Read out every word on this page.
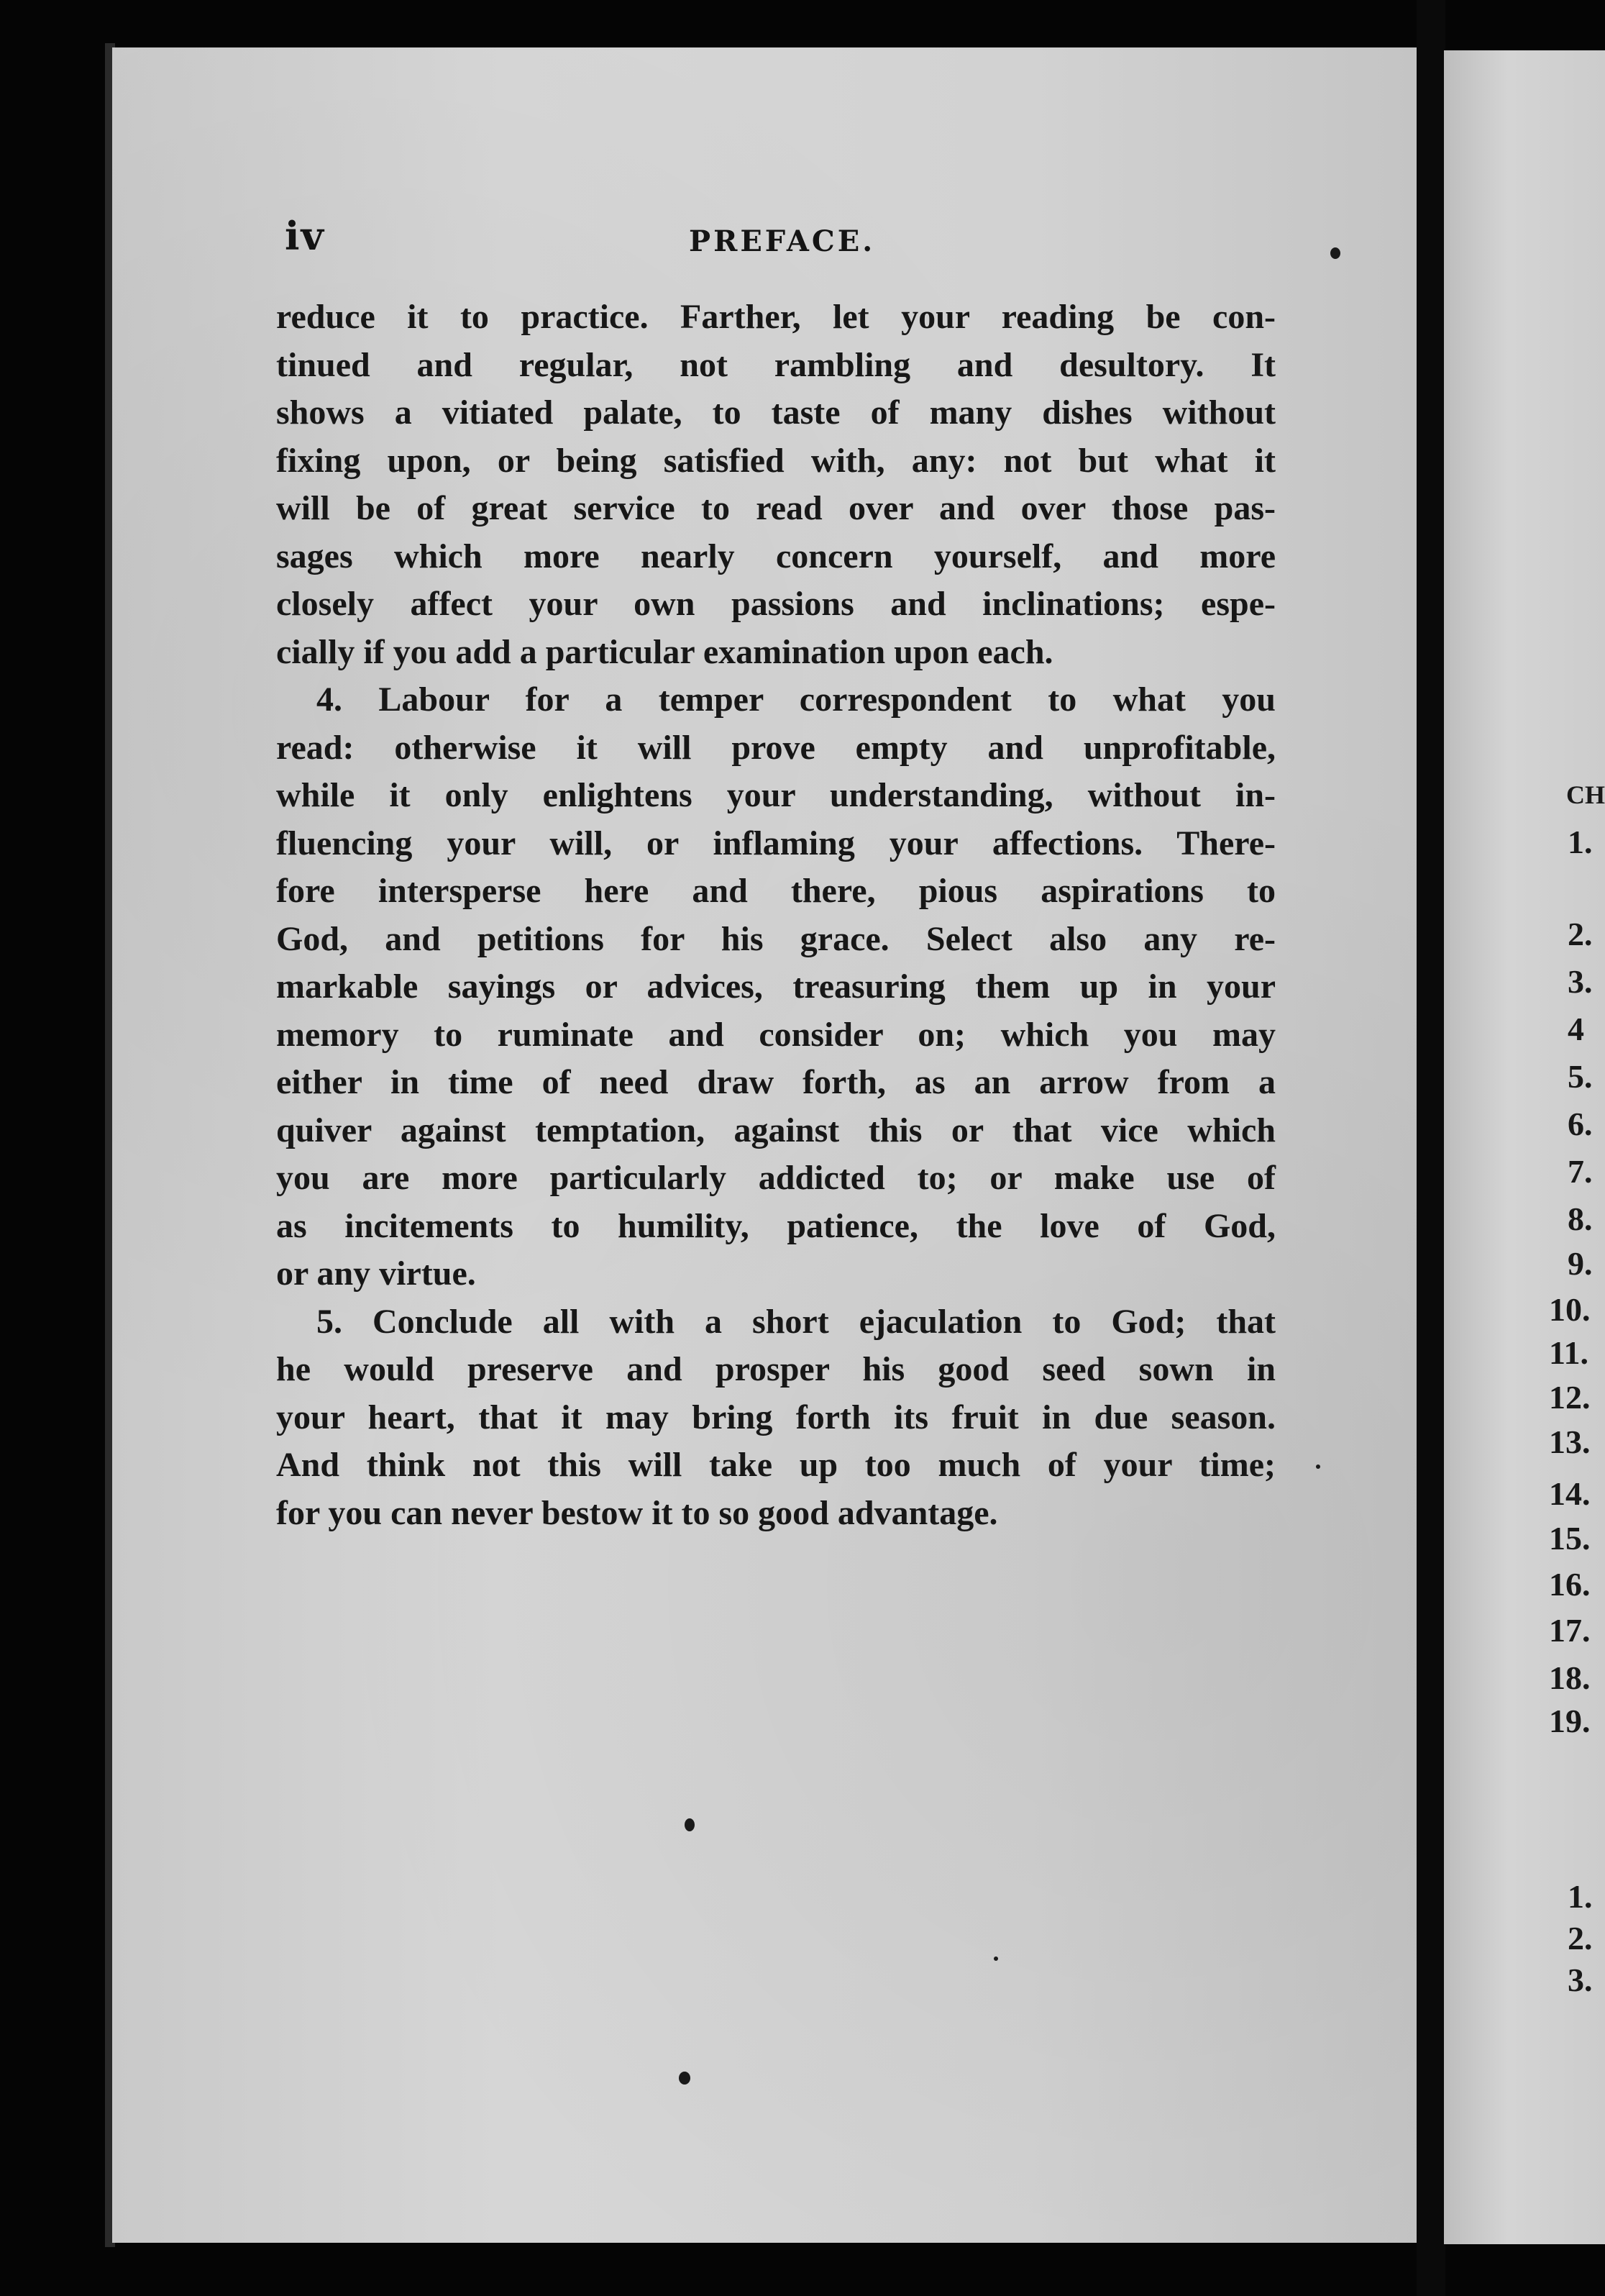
iv	PREFACE.
reduce it to practice. Farther, let your reading be con-
tinued and regular, not rambling and desultory. It
shows a vitiated palate, to taste of many dishes without
fixing upon, or being satisfied with, any: not but what it
will be of great service to read over and over those pas-
sages which more nearly concern yourself, and more
closely affect your own passions and inclinations; espe-
cially if you add a particular examination upon each.
4. Labour for a temper correspondent to what you
read: otherwise it will prove empty and unprofitable,
while it only enlightens your understanding, without in-
fluencing your will, or inflaming your affections. There-
fore intersperse here and there, pious aspirations to
God, and petitions for his grace. Select also any re-
markable sayings or advices, treasuring them up in your
memory to ruminate and consider on; which you may
either in time of need draw forth, as an arrow from a
quiver against temptation, against this or that vice which
you are more particularly addicted to; or make use of
as incitements to humility, patience, the love of God,
or any virtue.
5. Conclude all with a short ejaculation to God; that
he would preserve and prosper his good seed sown in
your heart, that it may bring forth its fruit in due season.
And think not this will take up too much of your time;
for you can never bestow it to so good advantage.
CH
1.
2.
3.
4
5.
6.
7.
8.
9.
10.
11.
12.
13.
14.
15.
16.
17.
18.
19.
1.
2.
3.
